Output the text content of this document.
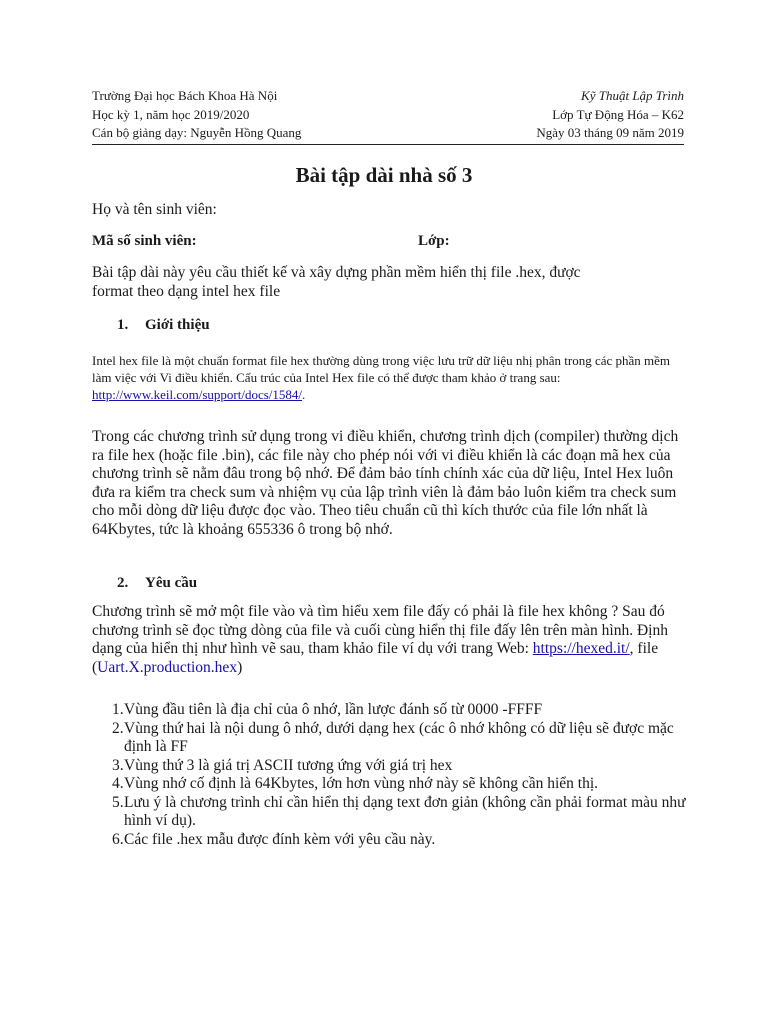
Trường Đại học Bách Khoa Hà Nội	Kỹ Thuật Lập Trình
Học kỳ 1, năm học 2019/2020	Lớp Tự Động Hóa – K62
Cán bộ giảng dạy: Nguyễn Hồng Quang	Ngày 03 tháng 09 năm 2019
Bài tập dài nhà số 3
Họ và tên sinh viên:
Mã số sinh viên:	Lớp:
Bài tập dài này yêu cầu thiết kế và xây dựng phần mềm hiển thị file .hex, được
format theo dạng intel hex file
1. Giới thiệu
Intel hex file là một chuẩn format file hex thường dùng trong việc lưu trữ dữ liệu nhị phân trong các phần mềm làm việc với Vi điều khiển. Cấu trúc của Intel Hex file có thể được tham khảo ở trang sau: http://www.keil.com/support/docs/1584/.
Trong các chương trình sử dụng trong vi điều khiển, chương trình dịch (compiler) thường dịch ra file hex (hoặc file .bin), các file này cho phép nói với vi điều khiển là các đoạn mã hex của chương trình sẽ nằm đâu trong bộ nhớ. Để đảm bảo tính chính xác của dữ liệu, Intel Hex luôn đưa ra kiểm tra check sum và nhiệm vụ của lập trình viên là đảm bảo luôn kiểm tra check sum cho mỗi dòng dữ liệu được đọc vào. Theo tiêu chuẩn cũ thì kích thước của file lớn nhất là 64Kbytes, tức là khoảng 655336 ô trong bộ nhớ.
2. Yêu cầu
Chương trình sẽ mở một file vào và tìm hiểu xem file đấy có phải là file hex không ? Sau đó chương trình sẽ đọc từng dòng của file và cuối cùng hiển thị file đấy lên trên màn hình. Định dạng của hiển thị như hình vẽ sau, tham khảo file ví dụ với trang Web: https://hexed.it/, file (Uart.X.production.hex)
1. Vùng đầu tiên là địa chỉ của ô nhớ, lần lược đánh số từ 0000 -FFFF
2. Vùng thứ hai là nội dung ô nhớ, dưới dạng hex (các ô nhớ không có dữ liệu sẽ được mặc định là FF
3. Vùng thứ 3 là giá trị ASCII tương ứng với giá trị hex
4. Vùng nhớ cố định là 64Kbytes, lớn hơn vùng nhớ này sẽ không cần hiển thị.
5. Lưu ý là chương trình chỉ cần hiển thị dạng text đơn giản (không cần phải format màu như hình ví dụ).
6. Các file .hex mẫu được đính kèm với yêu cầu này.
